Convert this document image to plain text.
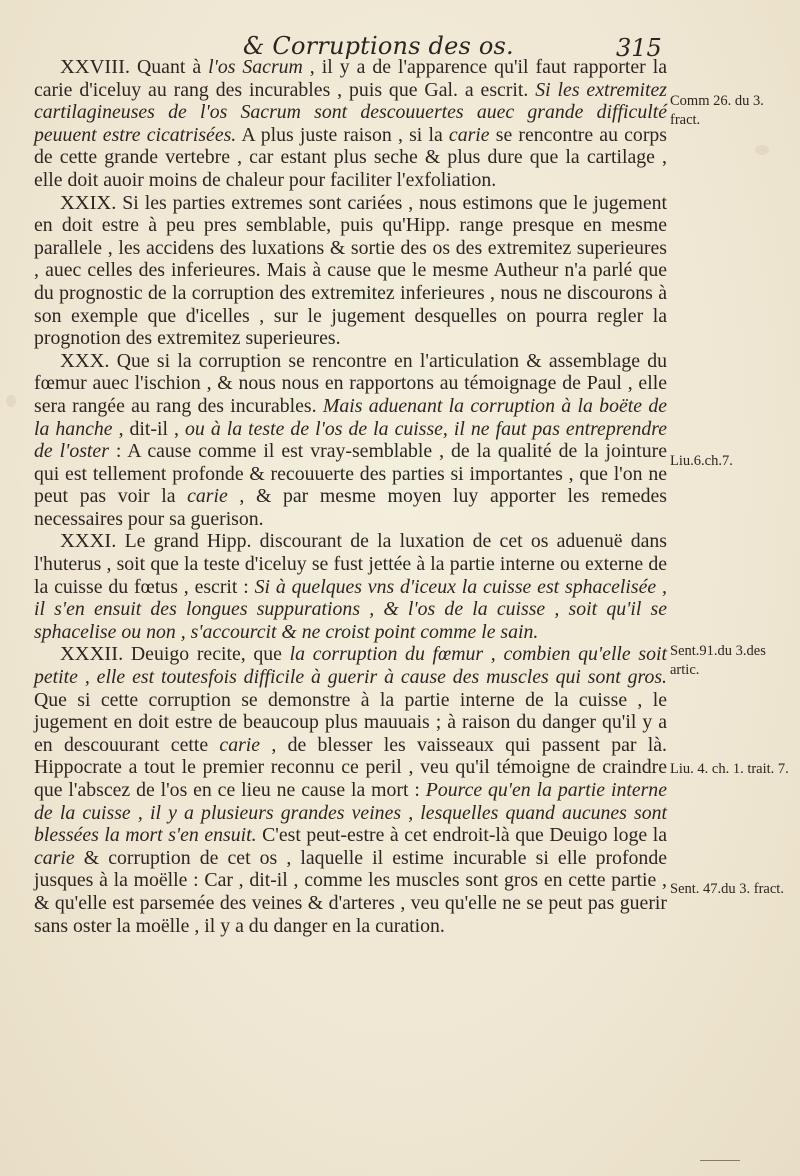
& Corruptions des os.	315

XXVIII. Quant à l'os Sacrum , il y a de l'apparence qu'il faut rapporter la carie d'iceluy au rang des incurables , puis que Gal. a escrit. Si les extremitez cartilagineuses de l'os Sacrum sont descouuertes auec grande difficulté peuuent estre cicatrisées. A plus juste raison , si la carie se rencontre au corps de cette grande vertebre , car estant plus seche & plus dure que la cartilage , elle doit auoir moins de chaleur pour faciliter l'exfoliation.

XXIX. Si les parties extremes sont cariées , nous estimons que le jugement en doit estre à peu pres semblable, puis qu'Hipp. range presque en mesme parallele , les accidens des luxations & sortie des os des extremitez superieures , auec celles des inferieures. Mais à cause que le mesme Autheur n'a parlé que du prognostic de la corruption des extremitez inferieures , nous ne discourons à son exemple que d'icelles , sur le jugement desquelles on pourra regler la prognotion des extremitez superieures.

XXX. Que si la corruption se rencontre en l'articulation & assemblage du fœmur auec l'ischion , & nous nous en rapportons au témoignage de Paul , elle sera rangée au rang des incurables. Mais aduenant la corruption à la boëte de la hanche , dit-il , ou à la teste de l'os de la cuisse, il ne faut pas entreprendre de l'oster : A cause comme il est vray-semblable , de la qualité de la jointure qui est tellement profonde & recouuerte des parties si importantes , que l'on ne peut pas voir la carie , & par mesme moyen luy apporter les remedes necessaires pour sa guerison.

XXXI. Le grand Hipp. discourant de la luxation de cet os aduenuë dans l'huterus , soit que la teste d'iceluy se fust jettée à la partie interne ou externe de la cuisse du fœtus , escrit : Si à quelques vns d'iceux la cuisse est sphacelisée , il s'en ensuit des longues suppurations , & l'os de la cuisse , soit qu'il se sphacelise ou non , s'accourcit & ne croist point comme le sain.

XXXII. Deuigo recite, que la corruption du fœmur , combien qu'elle soit petite , elle est toutesfois difficile à guerir à cause des muscles qui sont gros. Que si cette corruption se demonstre à la partie interne de la cuisse , le jugement en doit estre de beaucoup plus mauuais ; à raison du danger qu'il y a en descouurant cette carie , de blesser les vaisseaux qui passent par là. Hippocrate a tout le premier reconnu ce peril , veu qu'il témoigne de craindre que l'abscez de l'os en ce lieu ne cause la mort : Pource qu'en la partie interne de la cuisse , il y a plusieurs grandes veines , lesquelles quand aucunes sont blessées la mort s'en ensuit. C'est peut-estre à cet endroit-là que Deuigo loge la carie & corruption de cet os , laquelle il estime incurable si elle profonde jusques à la moëlle : Car , dit-il , comme les muscles sont gros en cette partie , & qu'elle est parsemée des veines & d'arteres , veu qu'elle ne se peut pas guerir sans oster la moëlle , il y a du danger en la curation.

Comm 26. du 3. fract.
Liu.6.ch.7.
Sent.91.du 3.des artic.
Liu. 4. ch. 1. trait. 7.
Sent. 47.du 3. fract.
